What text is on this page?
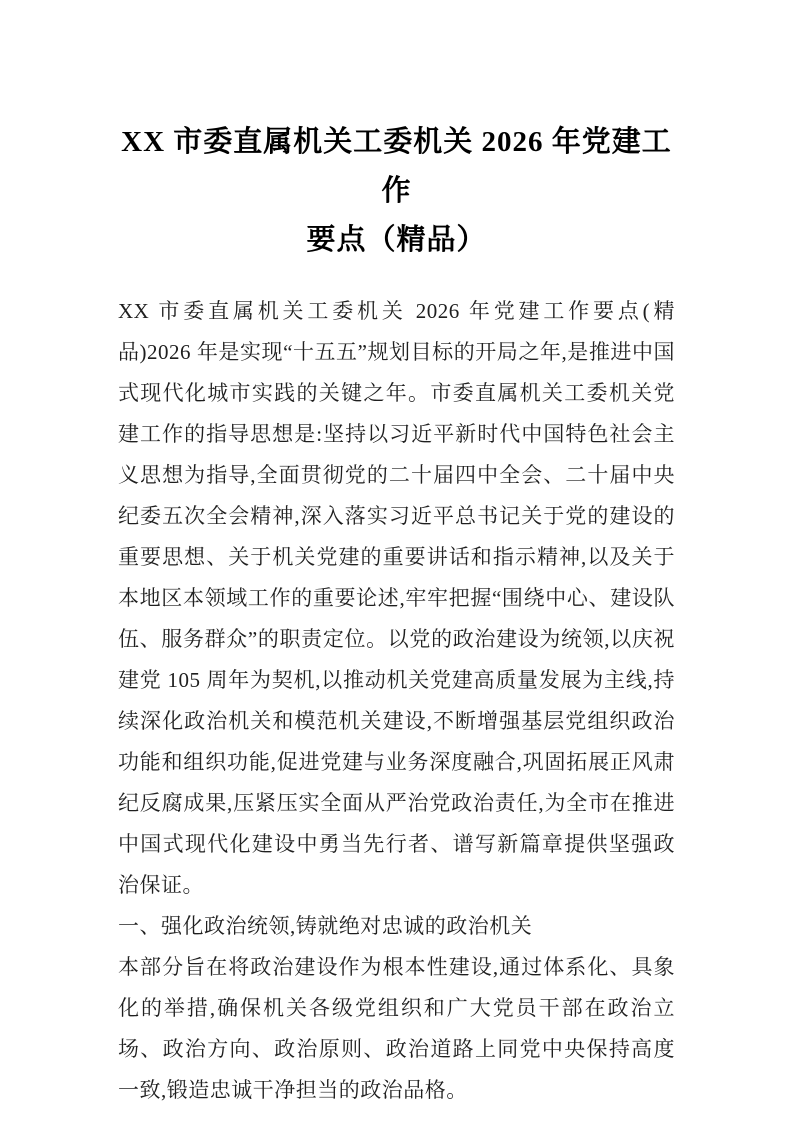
XX 市委直属机关工委机关 2026 年党建工作
要点（精品）

XX 市委直属机关工委机关 2026 年党建工作要点(精品)2026 年是实现“十五五”规划目标的开局之年,是推进中国式现代化城市实践的关键之年。市委直属机关工委机关党建工作的指导思想是:坚持以习近平新时代中国特色社会主义思想为指导,全面贯彻党的二十届四中全会、二十届中央纪委五次全会精神,深入落实习近平总书记关于党的建设的重要思想、关于机关党建的重要讲话和指示精神,以及关于本地区本领域工作的重要论述,牢牢把握“围绕中心、建设队伍、服务群众”的职责定位。以党的政治建设为统领,以庆祝建党 105 周年为契机,以推动机关党建高质量发展为主线,持续深化政治机关和模范机关建设,不断增强基层党组织政治功能和组织功能,促进党建与业务深度融合,巩固拓展正风肃纪反腐成果,压紧压实全面从严治党政治责任,为全市在推进中国式现代化建设中勇当先行者、谱写新篇章提供坚强政治保证。

一、强化政治统领,铸就绝对忠诚的政治机关

本部分旨在将政治建设作为根本性建设,通过体系化、具象化的举措,确保机关各级党组织和广大党员干部在政治立场、政治方向、政治原则、政治道路上同党中央保持高度一致,锻造忠诚干净担当的政治品格。
